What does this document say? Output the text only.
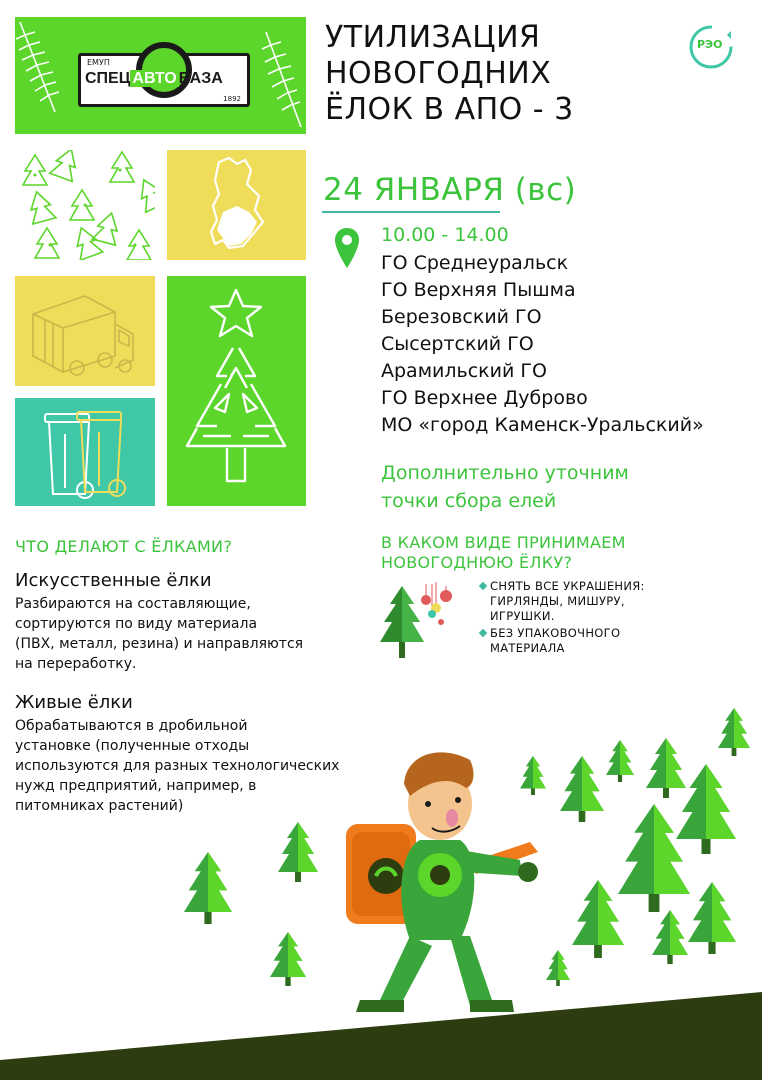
ЕМУП
СПЕЦ АВТО БАЗА
1892
УТИЛИЗАЦИЯ
НОВОГОДНИХ
ЁЛОК В АПО - 3
РЭО
24 ЯНВАРЯ (вс)
10.00 - 14.00
ГО Среднеуральск
ГО Верхняя Пышма
Березовский ГО
Сысертский ГО
Арамильский ГО
ГО Верхнее Дуброво
МО «город Каменск-Уральский»
Дополнительно уточним
точки сбора елей
ЧТО ДЕЛАЮТ С ЁЛКАМИ?
Искусственные ёлки
Разбираются на составляющие,
сортируются по виду материала
(ПВХ, металл, резина) и направляются
на переработку.
Живые ёлки
Обрабатываются в дробильной
установке (полученные отходы
используются для разных технологических
нужд предприятий, например, в
питомниках растений)
В КАКОМ ВИДЕ ПРИНИМАЕМ
НОВОГОДНЮЮ ЁЛКУ?
СНЯТЬ ВСЕ УКРАШЕНИЯ:
ГИРЛЯНДЫ, МИШУРУ,
ИГРУШКИ.
БЕЗ УПАКОВОЧНОГО
МАТЕРИАЛА
